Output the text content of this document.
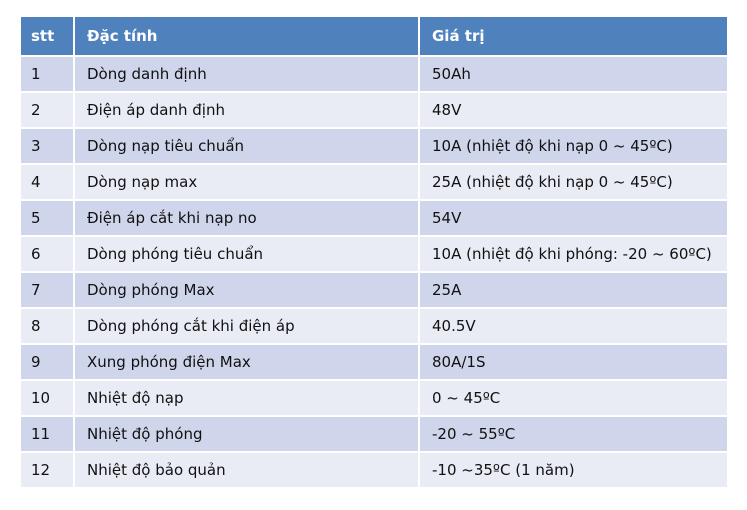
stt	Đặc tính	Giá trị
1	Dòng danh định	50Ah
2	Điện áp danh định	48V
3	Dòng nạp tiêu chuẩn	10A (nhiệt độ khi nạp 0 ~ 45ºC)
4	Dòng nạp max	25A (nhiệt độ khi nạp 0 ~ 45ºC)
5	Điện áp cắt khi nạp no	54V
6	Dòng phóng tiêu chuẩn	10A (nhiệt độ khi phóng: -20 ~ 60ºC)
7	Dòng phóng Max	25A
8	Dòng phóng cắt khi điện áp	40.5V
9	Xung phóng điện Max	80A/1S
10	Nhiệt độ nạp	0 ~ 45ºC
11	Nhiệt độ phóng	-20 ~ 55ºC
12	Nhiệt độ bảo quản	-10 ~35ºC (1 năm)
